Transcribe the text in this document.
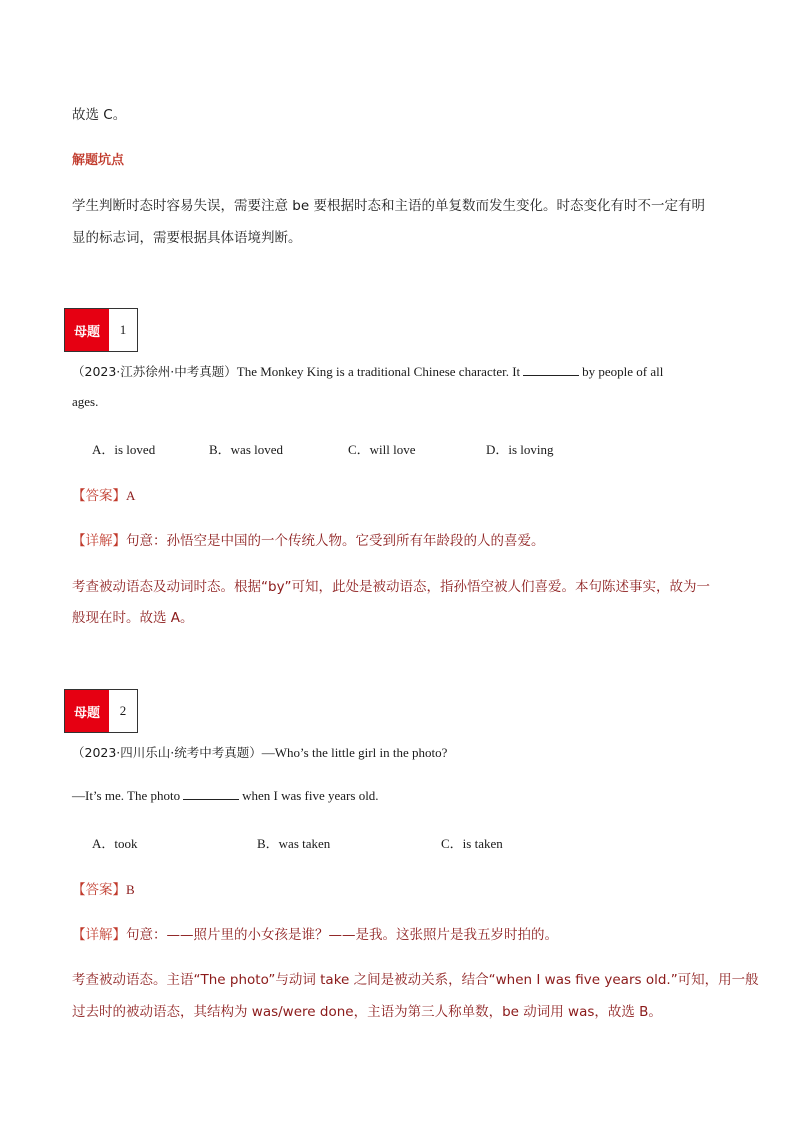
故选 C。
解题坑点
学生判断时态时容易失误，需要注意 be 要根据时态和主语的单复数而发生变化。时态变化有时不一定有明
显的标志词，需要根据具体语境判断。
母题	1
（2023·江苏徐州·中考真题）The Monkey King is a traditional Chinese character. It	by people of all
ages.
A．is loved	B．was loved	C．will love	D．is loving
【答案】A
【详解】句意：孙悟空是中国的一个传统人物。它受到所有年龄段的人的喜爱。
考查被动语态及动词时态。根据“by”可知，此处是被动语态，指孙悟空被人们喜爱。本句陈述事实，故为一
般现在时。故选 A。
母题	2
（2023·四川乐山·统考中考真题）—Who’s the little girl in the photo?
—It’s me. The photo	when I was five years old.
A．took	B．was taken	C．is taken
【答案】B
【详解】句意：——照片里的小女孩是谁？——是我。这张照片是我五岁时拍的。
考查被动语态。主语“The photo”与动词 take 之间是被动关系，结合“when I was five years old.”可知，用一般
过去时的被动语态，其结构为 was/were done，主语为第三人称单数，be 动词用 was，故选 B。
